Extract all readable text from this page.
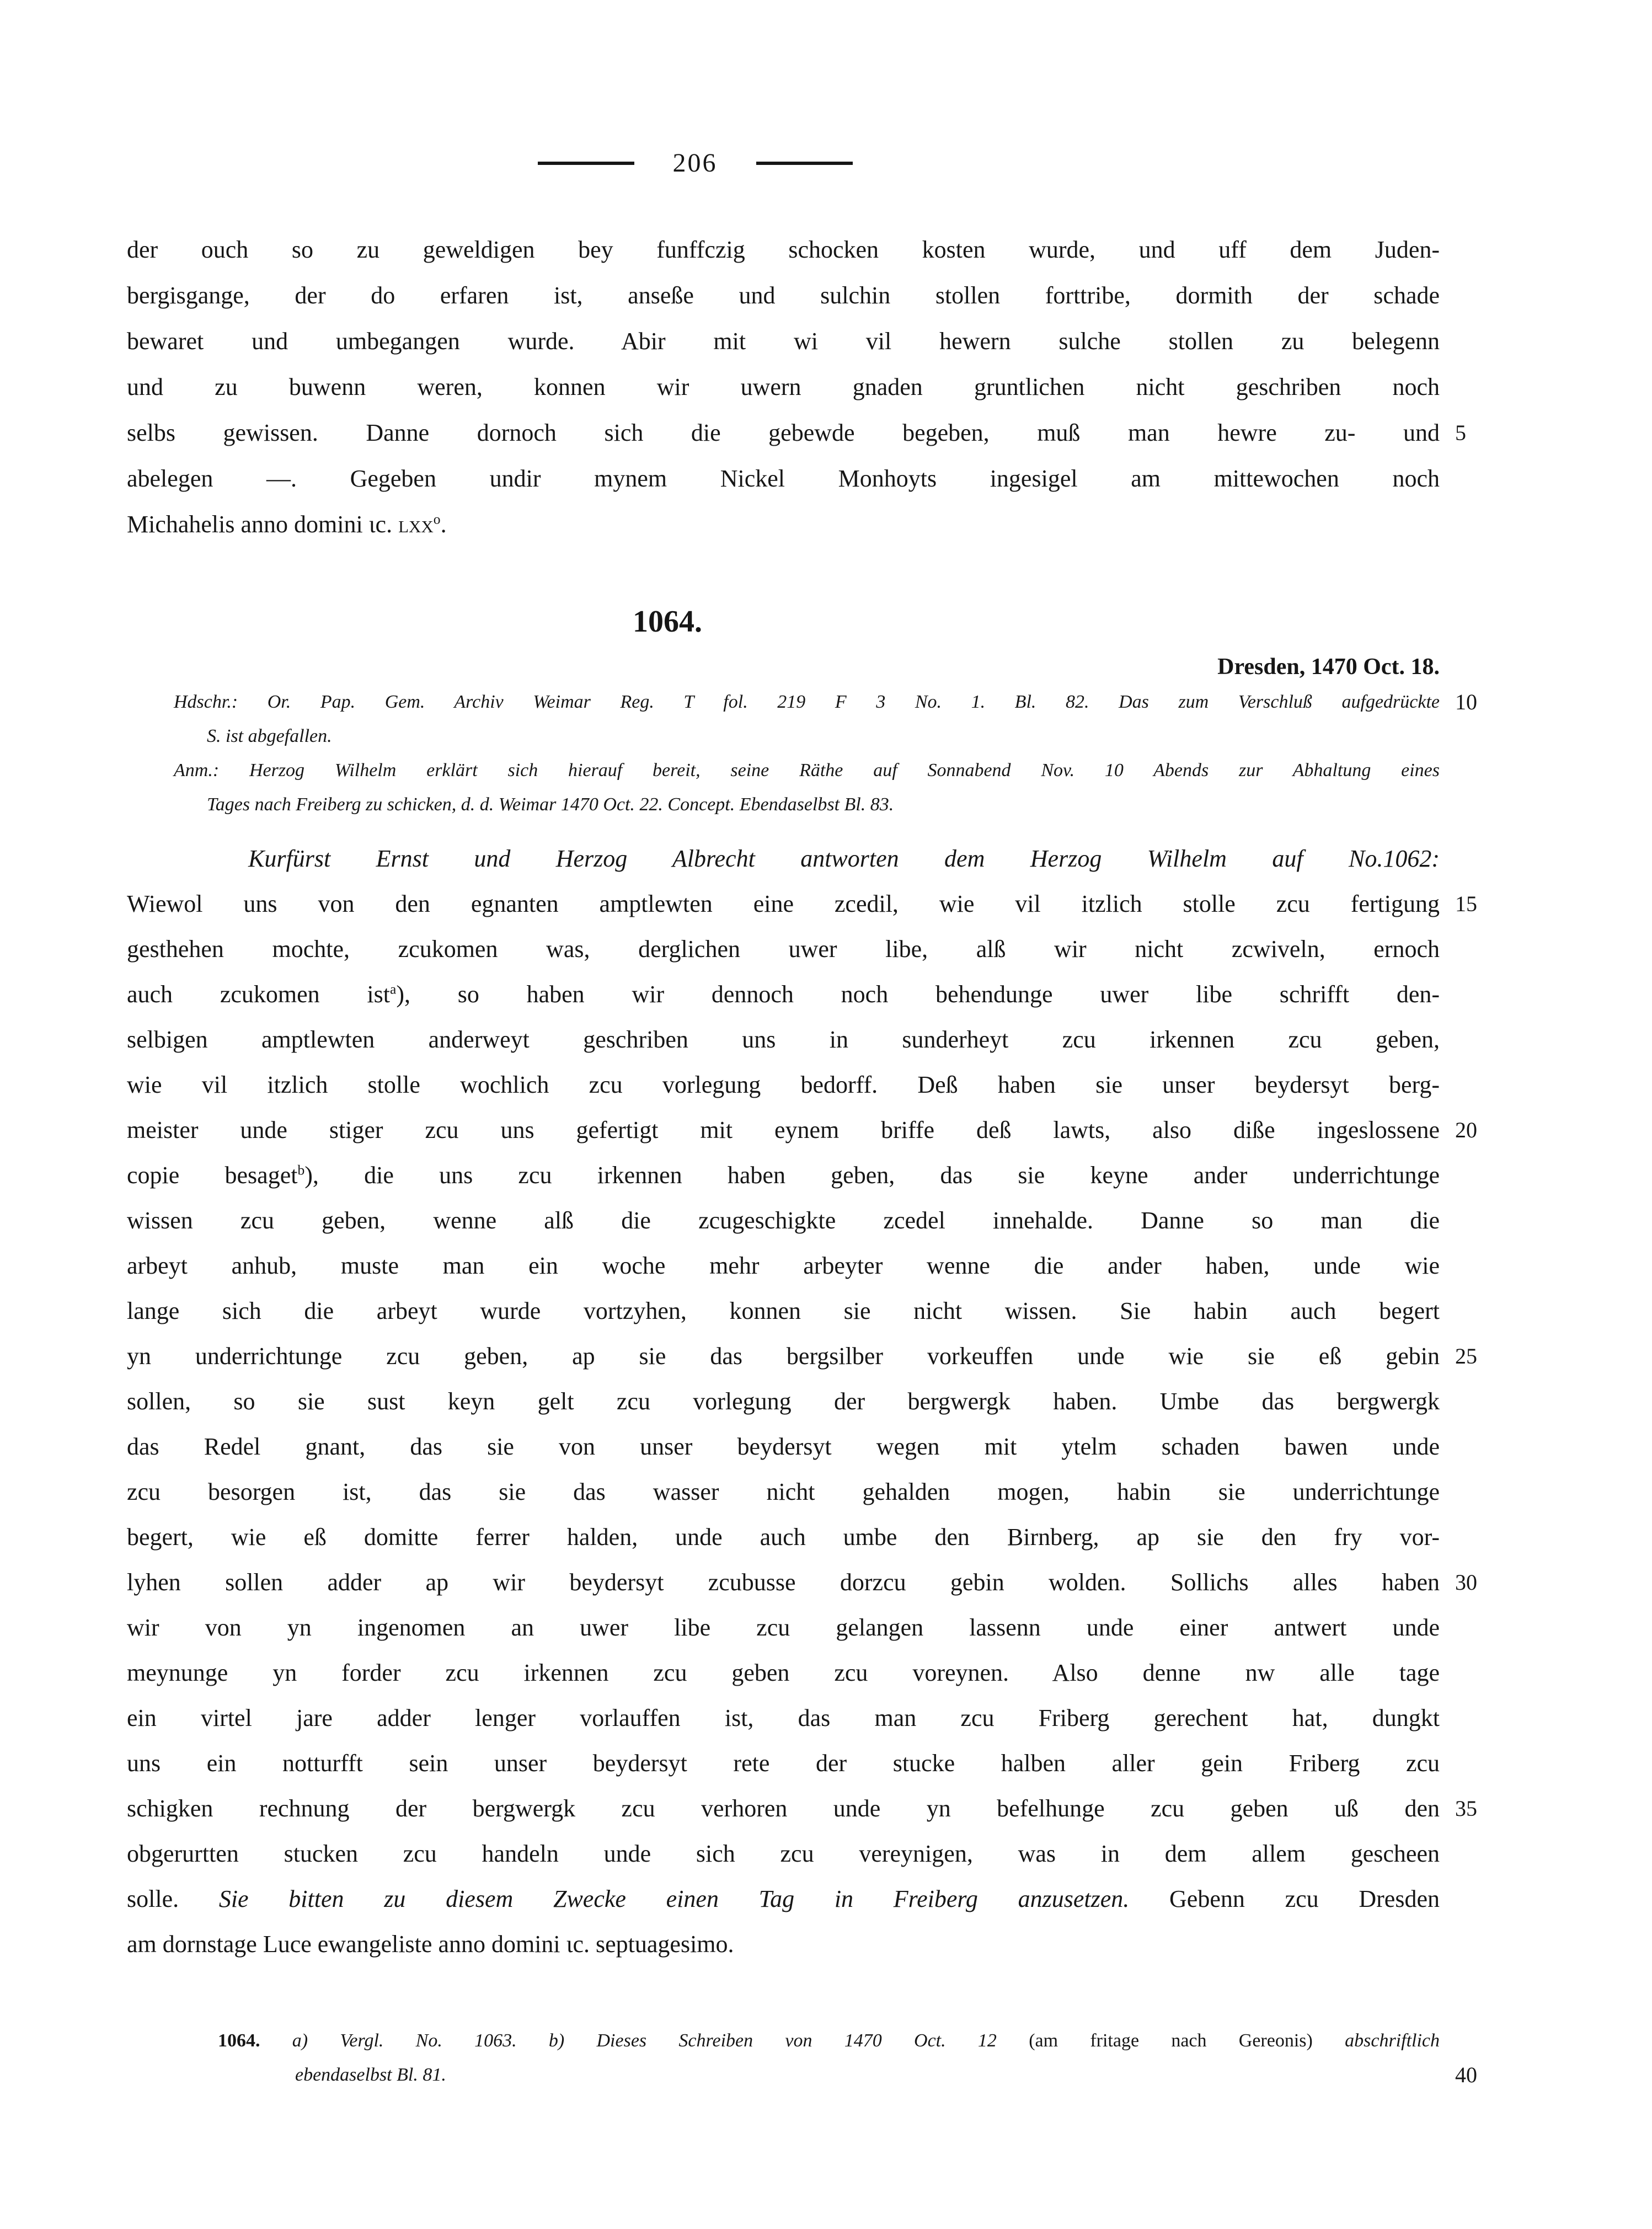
206
der ouch so zu geweldigen bey funffczig schocken kosten wurde, und uff dem Juden-
bergisgange, der do erfaren ist, anseße und sulchin stollen forttribe, dormith der schade
bewaret und umbegangen wurde. Abir mit wi vil hewern sulche stollen zu belegenn
und zu buwenn weren, konnen wir uwern gnaden gruntlichen nicht geschriben noch
selbs gewissen. Danne dornoch sich die gebewde begeben, muß man hewre zu- und 5
abelegen —. Gegeben undir mynem Nickel Monhoyts ingesigel am mittewochen noch
Michahelis anno domini ɩc. lxx$^o$.
1064.
Dresden, 1470 Oct. 18.
Hdschr.: Or. Pap. Gem. Archiv Weimar Reg. T fol. 219 F 3 No. 1. Bl. 82. Das zum Verschluß aufgedrückte 10
S. ist abgefallen.
Anm.: Herzog Wilhelm erklärt sich hierauf bereit, seine Räthe auf Sonnabend Nov. 10 Abends zur Abhaltung eines
Tages nach Freiberg zu schicken, d. d. Weimar 1470 Oct. 22. Concept. Ebendaselbst Bl. 83.
Kurfürst Ernst und Herzog Albrecht antworten dem Herzog Wilhelm auf No.1062:
Wiewol uns von den egnanten amptlewten eine zcedil, wie vil itzlich stolle zcu fertigung 15
gesthehen mochte, zcukomen was, derglichen uwer libe, alß wir nicht zcwiveln, ernoch
auch zcukomen ist$^a$), so haben wir dennoch noch behendunge uwer libe schrifft den-
selbigen amptlewten anderweyt geschriben uns in sunderheyt zcu irkennen zcu geben,
wie vil itzlich stolle wochlich zcu vorlegung bedorff. Deß haben sie unser beydersyt berg-
meister unde stiger zcu uns gefertigt mit eynem briffe deß lawts, also diße ingeslossene 20
copie besaget$^b$), die uns zcu irkennen haben geben, das sie keyne ander underrichtunge
wissen zcu geben, wenne alß die zcugeschigkte zcedel innehalde. Danne so man die
arbeyt anhub, muste man ein woche mehr arbeyter wenne die ander haben, unde wie
lange sich die arbeyt wurde vortzyhen, konnen sie nicht wissen. Sie habin auch begert
yn underrichtunge zcu geben, ap sie das bergsilber vorkeuffen unde wie sie eß gebin 25
sollen, so sie sust keyn gelt zcu vorlegung der bergwergk haben. Umbe das bergwergk
das Redel gnant, das sie von unser beydersyt wegen mit ytelm schaden bawen unde
zcu besorgen ist, das sie das wasser nicht gehalden mogen, habin sie underrichtunge
begert, wie eß domitte ferrer halden, unde auch umbe den Birnberg, ap sie den fry vor-
lyhen sollen adder ap wir beydersyt zcubusse dorzcu gebin wolden. Sollichs alles haben 30
wir von yn ingenomen an uwer libe zcu gelangen lassenn unde einer antwert unde
meynunge yn forder zcu irkennen zcu geben zcu voreynen. Also denne nw alle tage
ein virtel jare adder lenger vorlauffen ist, das man zcu Friberg gerechent hat, dungkt
uns ein notturfft sein unser beydersyt rete der stucke halben aller gein Friberg zcu
schigken rechnung der bergwergk zcu verhoren unde yn befelhunge zcu geben uß den 35
obgerurtten stucken zcu handeln unde sich zcu vereynigen, was in dem allem gescheen
solle. Sie bitten zu diesem Zwecke einen Tag in Freiberg anzusetzen. Gebenn zcu Dresden
am dornstage Luce ewangeliste anno domini ɩc. septuagesimo.
1064. a) Vergl. No. 1063. b) Dieses Schreiben von 1470 Oct. 12 (am fritage nach Gereonis) abschriftlich
ebendaselbst Bl. 81.	40
